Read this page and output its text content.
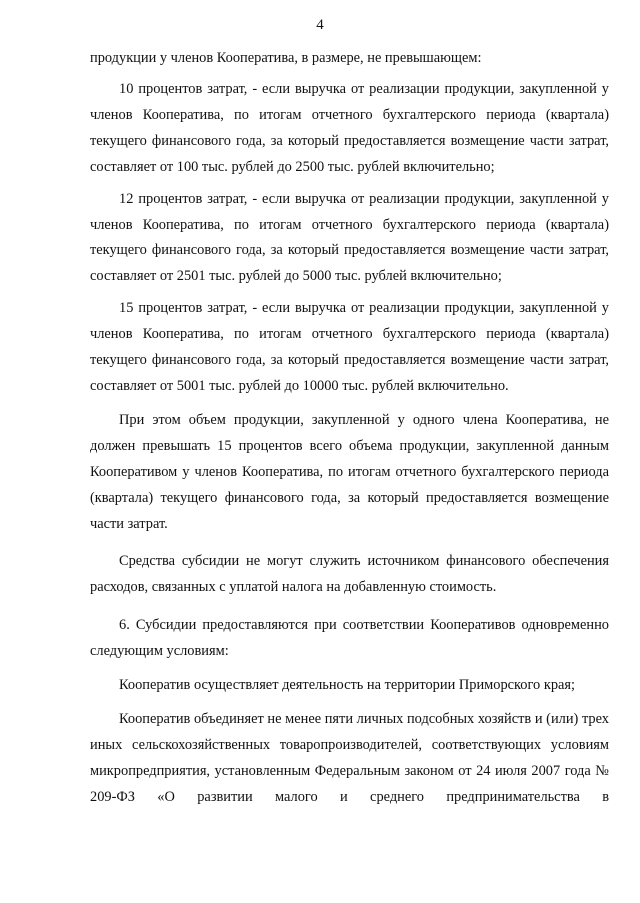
4

продукции у членов Кооператива, в размере, не превышающем:

10 процентов затрат, - если выручка от реализации продукции, закупленной у членов Кооператива, по итогам отчетного бухгалтерского периода (квартала) текущего финансового года, за который предоставляется возмещение части затрат, составляет от 100 тыс. рублей до 2500 тыс. рублей включительно;

12 процентов затрат, - если выручка от реализации продукции, закупленной у членов Кооператива, по итогам отчетного бухгалтерского периода (квартала) текущего финансового года, за который предоставляется возмещение части затрат, составляет от 2501 тыс. рублей до 5000 тыс. рублей включительно;

15 процентов затрат, - если выручка от реализации продукции, закупленной у членов Кооператива, по итогам отчетного бухгалтерского периода (квартала) текущего финансового года, за который предоставляется возмещение части затрат, составляет от 5001 тыс. рублей до 10000 тыс. рублей включительно.

При этом объем продукции, закупленной у одного члена Кооператива, не должен превышать 15 процентов всего объема продукции, закупленной данным Кооперативом у членов Кооператива, по итогам отчетного бухгалтерского периода (квартала) текущего финансового года, за который предоставляется возмещение части затрат.

Средства субсидии не могут служить источником финансового обеспечения расходов, связанных с уплатой налога на добавленную стоимость.

6. Субсидии предоставляются при соответствии Кооперативов одновременно следующим условиям:

Кооператив осуществляет деятельность на территории Приморского края;

Кооператив объединяет не менее пяти личных подсобных хозяйств и (или) трех иных сельскохозяйственных товаропроизводителей, соответствующих условиям микропредприятия, установленным Федеральным законом от 24 июля 2007 года № 209-ФЗ «О развитии малого и среднего предпринимательства в
